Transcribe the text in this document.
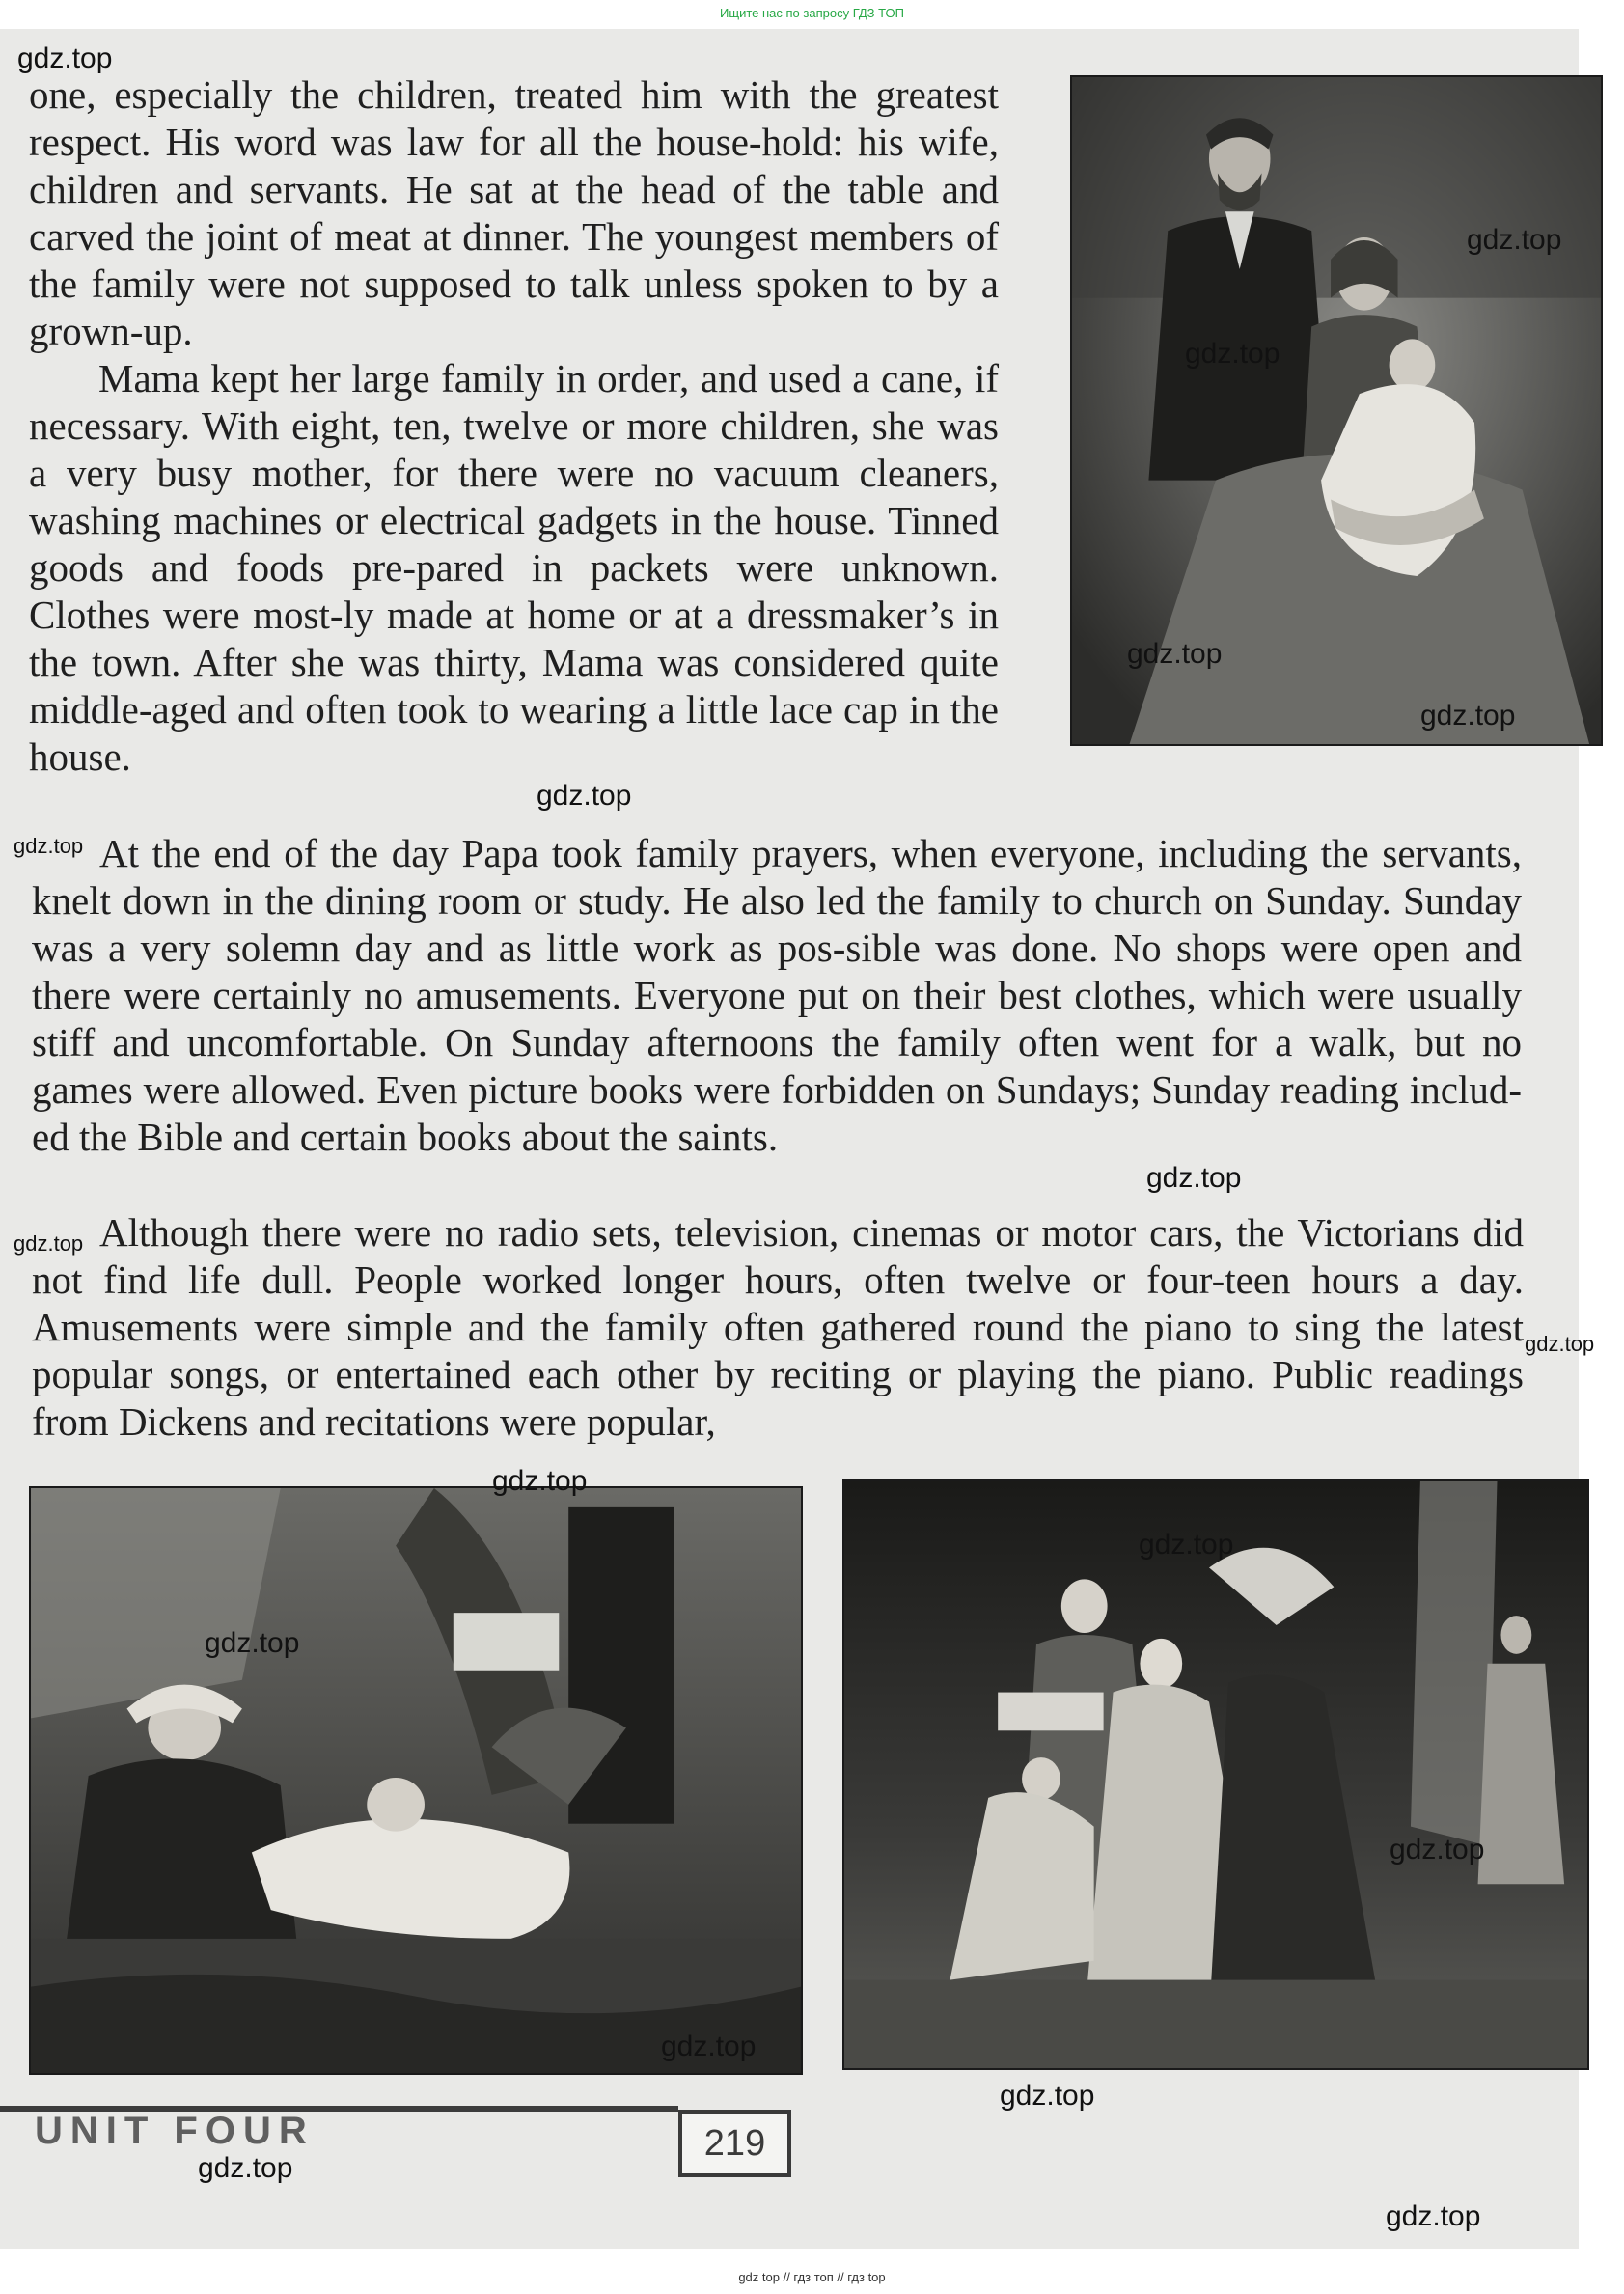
Ищите нас по запросу ГДЗ ТОП

one, especially the children, treated him with the greatest respect. His word was law for all the house-hold: his wife, children and servants. He sat at the head of the table and carved the joint of meat at dinner. The youngest members of the family were not supposed to talk unless spoken to by a grown-up.

Mama kept her large family in order, and used a cane, if necessary. With eight, ten, twelve or more children, she was a very busy mother, for there were no vacuum cleaners, washing machines or electrical gadgets in the house. Tinned goods and foods pre-pared in packets were unknown. Clothes were most-ly made at home or at a dressmaker’s in the town. After she was thirty, Mama was considered quite middle-aged and often took to wearing a little lace cap in the house.

At the end of the day Papa took family prayers, when everyone, including the servants, knelt down in the dining room or study. He also led the family to church on Sunday. Sunday was a very solemn day and as little work as pos-sible was done. No shops were open and there were certainly no amusements. Everyone put on their best clothes, which were usually stiff and uncomfortable. On Sunday afternoons the family often went for a walk, but no games were allowed. Even picture books were forbidden on Sundays; Sunday reading includ-ed the Bible and certain books about the saints.

Although there were no radio sets, television, cinemas or motor cars, the Victorians did not find life dull. People worked longer hours, often twelve or four-teen hours a day. Amusements were simple and the family often gathered round the piano to sing the latest popular songs, or entertained each other by reciting or playing the piano. Public readings from Dickens and recitations were popular,

UNIT FOUR	219
gdz.top
gdz.top
gdz.top
gdz.top
gdz.top
gdz.top
gdz.top
gdz.top
gdz.top
gdz.top
gdz.top
gdz.top
gdz.top
gdz.top
gdz.top
gdz.top
gdz.top
gdz.top
gdz top // гдз топ // гдз top
